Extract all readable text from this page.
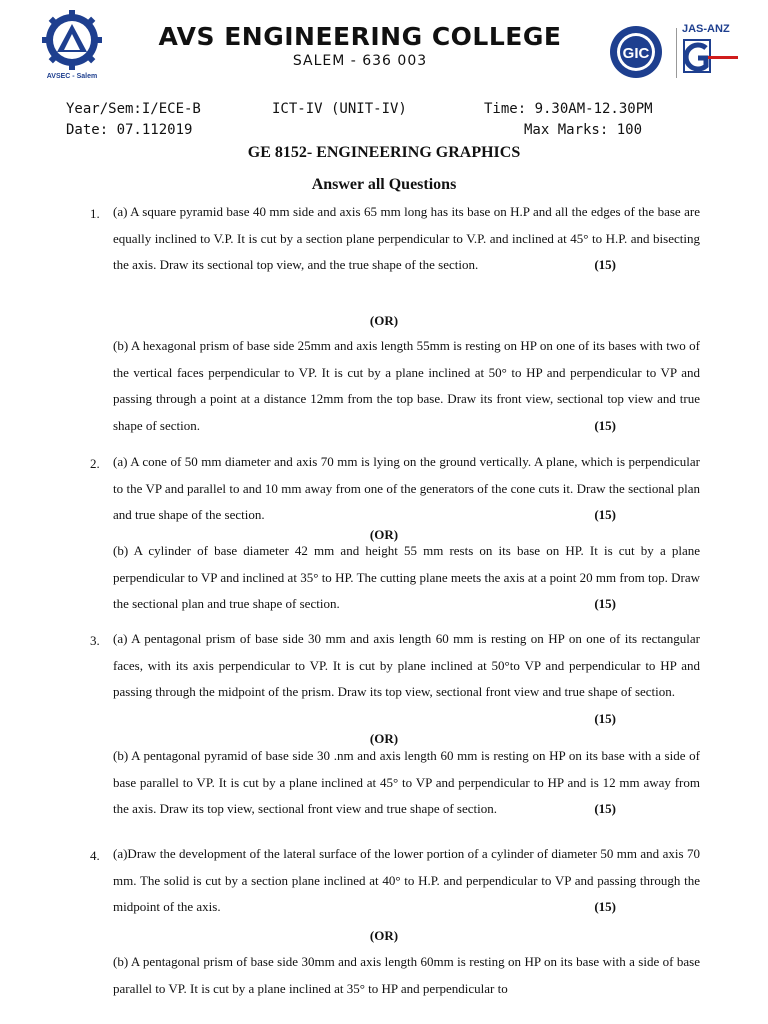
AVSEC - Salem
AVS ENGINEERING COLLEGE
SALEM - 636 003	GIC
JAS-ANZ
Year/Sem:I/ECE-B	ICT-IV (UNIT-IV)	Time: 9.30AM-12.30PM
Date: 07.112019	Max Marks: 100
GE 8152- ENGINEERING GRAPHICS
Answer all Questions
1. (a) A square pyramid base 40 mm side and axis 65 mm long has its base on H.P and all the edges of the base are equally inclined to V.P. It is cut by a section plane perpendicular to V.P. and inclined at 45° to H.P. and bisecting the axis. Draw its sectional top view, and the true shape of the section.	(15)
(OR)
(b) A hexagonal prism of base side 25mm and axis length 55mm is resting on HP on one of its bases with two of the vertical faces perpendicular to VP. It is cut by a plane inclined at 50° to HP and perpendicular to VP and passing through a point at a distance 12mm from the top base. Draw its front view, sectional top view and true shape of section.	(15)
2. (a) A cone of 50 mm diameter and axis 70 mm is lying on the ground vertically. A plane, which is perpendicular to the VP and parallel to and 10 mm away from one of the generators of the cone cuts it. Draw the sectional plan and true shape of the section.	(15)
(OR)
(b) A cylinder of base diameter 42 mm and height 55 mm rests on its base on HP. It is cut by a plane perpendicular to VP and inclined at 35° to HP. The cutting plane meets the axis at a point 20 mm from top. Draw the sectional plan and true shape of section.	(15)
3. (a) A pentagonal prism of base side 30 mm and axis length 60 mm is resting on HP on one of its rectangular faces, with its axis perpendicular to VP. It is cut by plane inclined at 50°to VP and perpendicular to HP and passing through the midpoint of the prism. Draw its top view, sectional front view and true shape of section.
(15)
(OR)
(b) A pentagonal pyramid of base side 30 .nm and axis length 60 mm is resting on HP on its base with a side of base parallel to VP. It is cut by a plane inclined at 45° to VP and perpendicular to HP and is 12 mm away from the axis. Draw its top view, sectional front view and true shape of section.	(15)
4. (a)Draw the development of the lateral surface of the lower portion of a cylinder of diameter 50 mm and axis 70 mm. The solid is cut by a section plane inclined at 40° to H.P. and perpendicular to VP and passing through the midpoint of the axis.	(15)
(OR)
(b) A pentagonal prism of base side 30mm and axis length 60mm is resting on HP on its base with a side of base parallel to VP. It is cut by a plane inclined at 35° to HP and perpendicular to
